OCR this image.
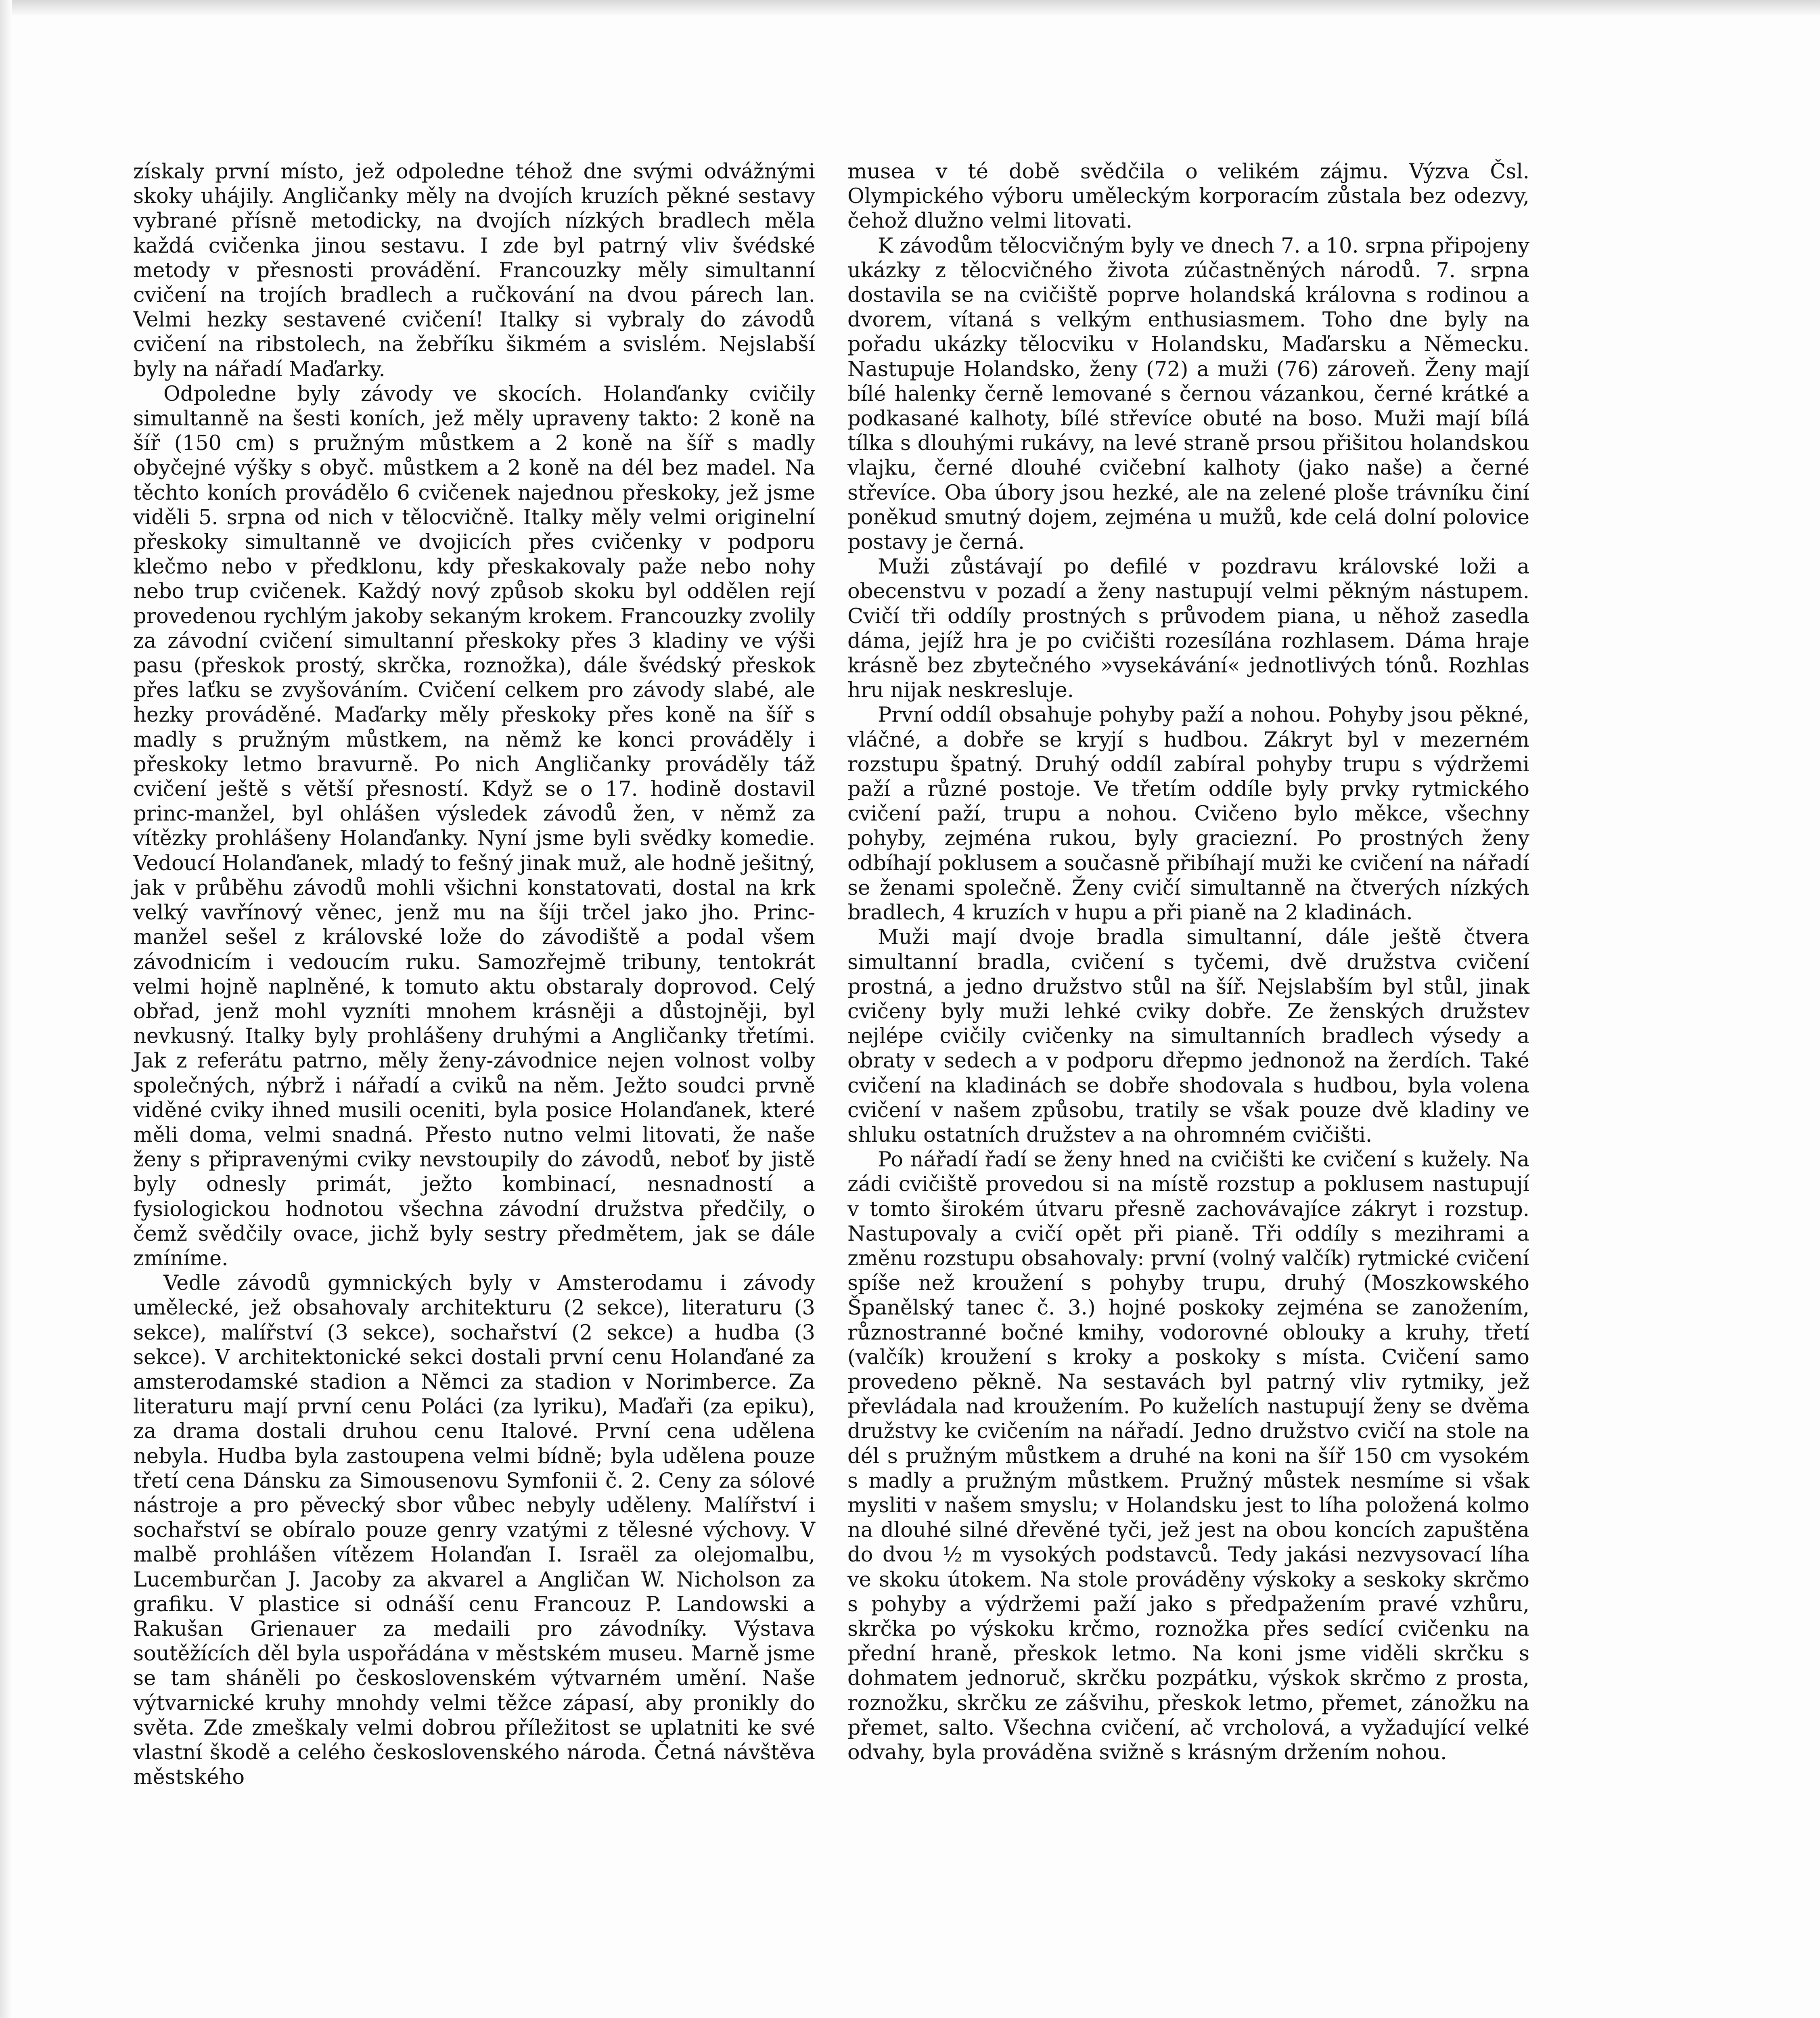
získaly první místo, jež odpoledne téhož dne svými odvážnými skoky uhájily. Angličanky měly na dvojích kruzích pěkné sestavy vybrané přísně metodicky, na dvojích nízkých bradlech měla každá cvičenka jinou sestavu. I zde byl patrný vliv švédské metody v přesnosti provádění. Francouzky měly simultanní cvičení na trojích bradlech a ručkování na dvou párech lan. Velmi hezky sestavené cvičení! Italky si vybraly do závodů cvičení na ribstolech, na žebříku šikmém a svislém. Nejslabší byly na nářadí Maďarky.

Odpoledne byly závody ve skocích. Holanďanky cvičily simultanně na šesti koních, jež měly upraveny takto: 2 koně na šíř (150 cm) s pružným můstkem a 2 koně na šíř s madly obyčejné výšky s obyč. můstkem a 2 koně na dél bez madel. Na těchto koních provádělo 6 cvičenek najednou přeskoky, jež jsme viděli 5. srpna od nich v tělocvičně. Italky měly velmi originelní přeskoky simultanně ve dvojicích přes cvičenky v podporu klečmo nebo v předklonu, kdy přeskakovaly paže nebo nohy nebo trup cvičenek. Každý nový způsob skoku byl oddělen rejí provedenou rychlým jakoby sekaným krokem. Francouzky zvolily za závodní cvičení simultanní přeskoky přes 3 kladiny ve výši pasu (přeskok prostý, skrčka, roznožka), dále švédský přeskok přes laťku se zvyšováním. Cvičení celkem pro závody slabé, ale hezky prováděné. Maďarky měly přeskoky přes koně na šíř s madly s pružným můstkem, na němž ke konci prováděly i přeskoky letmo bravurně. Po nich Angličanky prováděly táž cvičení ještě s větší přesností. Když se o 17. hodině dostavil princ-manžel, byl ohlášen výsledek závodů žen, v němž za vítězky prohlášeny Holanďanky. Nyní jsme byli svědky komedie. Vedoucí Holanďanek, mladý to fešný jinak muž, ale hodně ješitný, jak v průběhu závodů mohli všichni konstatovati, dostal na krk velký vavřínový věnec, jenž mu na šíji trčel jako jho. Princ-manžel sešel z královské lože do závodiště a podal všem závodnicím i vedoucím ruku. Samozřejmě tribuny, tentokrát velmi hojně naplněné, k tomuto aktu obstaraly doprovod. Celý obřad, jenž mohl vyzníti mnohem krásněji a důstojněji, byl nevkusný. Italky byly prohlášeny druhými a Angličanky třetími. Jak z referátu patrno, měly ženy-závodnice nejen volnost volby společných, nýbrž i nářadí a cviků na něm. Ježto soudci prvně viděné cviky ihned musili oceniti, byla posice Holanďanek, které měli doma, velmi snadná. Přesto nutno velmi litovati, že naše ženy s připravenými cviky nevstoupily do závodů, neboť by jistě byly odnesly primát, ježto kombinací, nesnadností a fysiologickou hodnotou všechna závodní družstva předčily, o čemž svědčily ovace, jichž byly sestry předmětem, jak se dále zmíníme.

Vedle závodů gymnických byly v Amsterodamu i závody umělecké, jež obsahovaly architekturu (2 sekce), literaturu (3 sekce), malířství (3 sekce), sochařství (2 sekce) a hudba (3 sekce). V architektonické sekci dostali první cenu Holanďané za amsterodamské stadion a Němci za stadion v Norimberce. Za literaturu mají první cenu Poláci (za lyriku), Maďaři (za epiku), za drama dostali druhou cenu Italové. První cena udělena nebyla. Hudba byla zastoupena velmi bídně; byla udělena pouze třetí cena Dánsku za Simousenovu Symfonii č. 2. Ceny za sólové nástroje a pro pěvecký sbor vůbec nebyly uděleny. Malířství i sochařství se obíralo pouze genry vzatými z tělesné výchovy. V malbě prohlášen vítězem Holanďan I. Israël za olejomalbu, Lucemburčan J. Jacoby za akvarel a Angličan W. Nicholson za grafiku. V plastice si odnáší cenu Francouz P. Landowski a Rakušan Grienauer za medaili pro závodníky. Výstava soutěžících děl byla uspořádána v městském museu. Marně jsme se tam sháněli po československém výtvarném umění. Naše výtvarnické kruhy mnohdy velmi těžce zápasí, aby pronikly do světa. Zde zmeškaly velmi dobrou příležitost se uplatniti ke své vlastní škodě a celého československého národa. Četná návštěva městského

musea v té době svědčila o velikém zájmu. Výzva Čsl. Olympického výboru uměleckým korporacím zůstala bez odezvy, čehož dlužno velmi litovati.

K závodům tělocvičným byly ve dnech 7. a 10. srpna připojeny ukázky z tělocvičného života zúčastněných národů. 7. srpna dostavila se na cvičiště poprve holandská královna s rodinou a dvorem, vítaná s velkým enthusiasmem. Toho dne byly na pořadu ukázky tělocviku v Holandsku, Maďarsku a Německu. Nastupuje Holandsko, ženy (72) a muži (76) zároveň. Ženy mají bílé halenky černě lemované s černou vázankou, černé krátké a podkasané kalhoty, bílé střevíce obuté na boso. Muži mají bílá tílka s dlouhými rukávy, na levé straně prsou přišitou holandskou vlajku, černé dlouhé cvičební kalhoty (jako naše) a černé střevíce. Oba úbory jsou hezké, ale na zelené ploše trávníku činí poněkud smutný dojem, zejména u mužů, kde celá dolní polovice postavy je černá.

Muži zůstávají po defilé v pozdravu královské loži a obecenstvu v pozadí a ženy nastupují velmi pěkným nástupem. Cvičí tři oddíly prostných s průvodem piana, u něhož zasedla dáma, jejíž hra je po cvičišti rozesílána rozhlasem. Dáma hraje krásně bez zbytečného »vysekávání« jednotlivých tónů. Rozhlas hru nijak neskresluje.

První oddíl obsahuje pohyby paží a nohou. Pohyby jsou pěkné, vláčné, a dobře se kryjí s hudbou. Zákryt byl v mezerném rozstupu špatný. Druhý oddíl zabíral pohyby trupu s výdržemi paží a různé postoje. Ve třetím oddíle byly prvky rytmického cvičení paží, trupu a nohou. Cvičeno bylo měkce, všechny pohyby, zejména rukou, byly graciezní. Po prostných ženy odbíhají poklusem a současně přibíhají muži ke cvičení na nářadí se ženami společně. Ženy cvičí simultanně na čtverých nízkých bradlech, 4 kruzích v hupu a při pianě na 2 kladinách.

Muži mají dvoje bradla simultanní, dále ještě čtvera simultanní bradla, cvičení s tyčemi, dvě družstva cvičení prostná, a jedno družstvo stůl na šíř. Nejslabším byl stůl, jinak cvičeny byly muži lehké cviky dobře. Ze ženských družstev nejlépe cvičily cvičenky na simultanních bradlech výsedy a obraty v sedech a v podporu dřepmo jednonož na žerdích. Také cvičení na kladinách se dobře shodovala s hudbou, byla volena cvičení v našem způsobu, tratily se však pouze dvě kladiny ve shluku ostatních družstev a na ohromném cvičišti.

Po nářadí řadí se ženy hned na cvičišti ke cvičení s kužely. Na zádi cvičiště provedou si na místě rozstup a poklusem nastupují v tomto širokém útvaru přesně zachovávajíce zákryt i rozstup. Nastupovaly a cvičí opět při pianě. Tři oddíly s mezihrami a změnu rozstupu obsahovaly: první (volný valčík) rytmické cvičení spíše než kroužení s pohyby trupu, druhý (Moszkowského Španělský tanec č. 3.) hojné poskoky zejména se zanožením, různostranné bočné kmihy, vodorovné oblouky a kruhy, třetí (valčík) kroužení s kroky a poskoky s místa. Cvičení samo provedeno pěkně. Na sestavách byl patrný vliv rytmiky, jež převládala nad kroužením. Po kuželích nastupují ženy se dvěma družstvy ke cvičením na nářadí. Jedno družstvo cvičí na stole na dél s pružným můstkem a druhé na koni na šíř 150 cm vysokém s madly a pružným můstkem. Pružný můstek nesmíme si však mysliti v našem smyslu; v Holandsku jest to líha položená kolmo na dlouhé silné dřevěné tyči, jež jest na obou koncích zapuštěna do dvou ½ m vysokých podstavců. Tedy jakási nezvysovací líha ve skoku útokem. Na stole prováděny výskoky a seskoky skrčmo s pohyby a výdržemi paží jako s předpažením pravé vzhůru, skrčka po výskoku krčmo, roznožka přes sedící cvičenku na přední hraně, přeskok letmo. Na koni jsme viděli skrčku s dohmatem jednoruč, skrčku pozpátku, výskok skrčmo z prosta, roznožku, skrčku ze zášvihu, přeskok letmo, přemet, zánožku na přemet, salto. Všechna cvičení, ač vrcholová, a vyžadující velké odvahy, byla prováděna svižně s krásným držením nohou.
